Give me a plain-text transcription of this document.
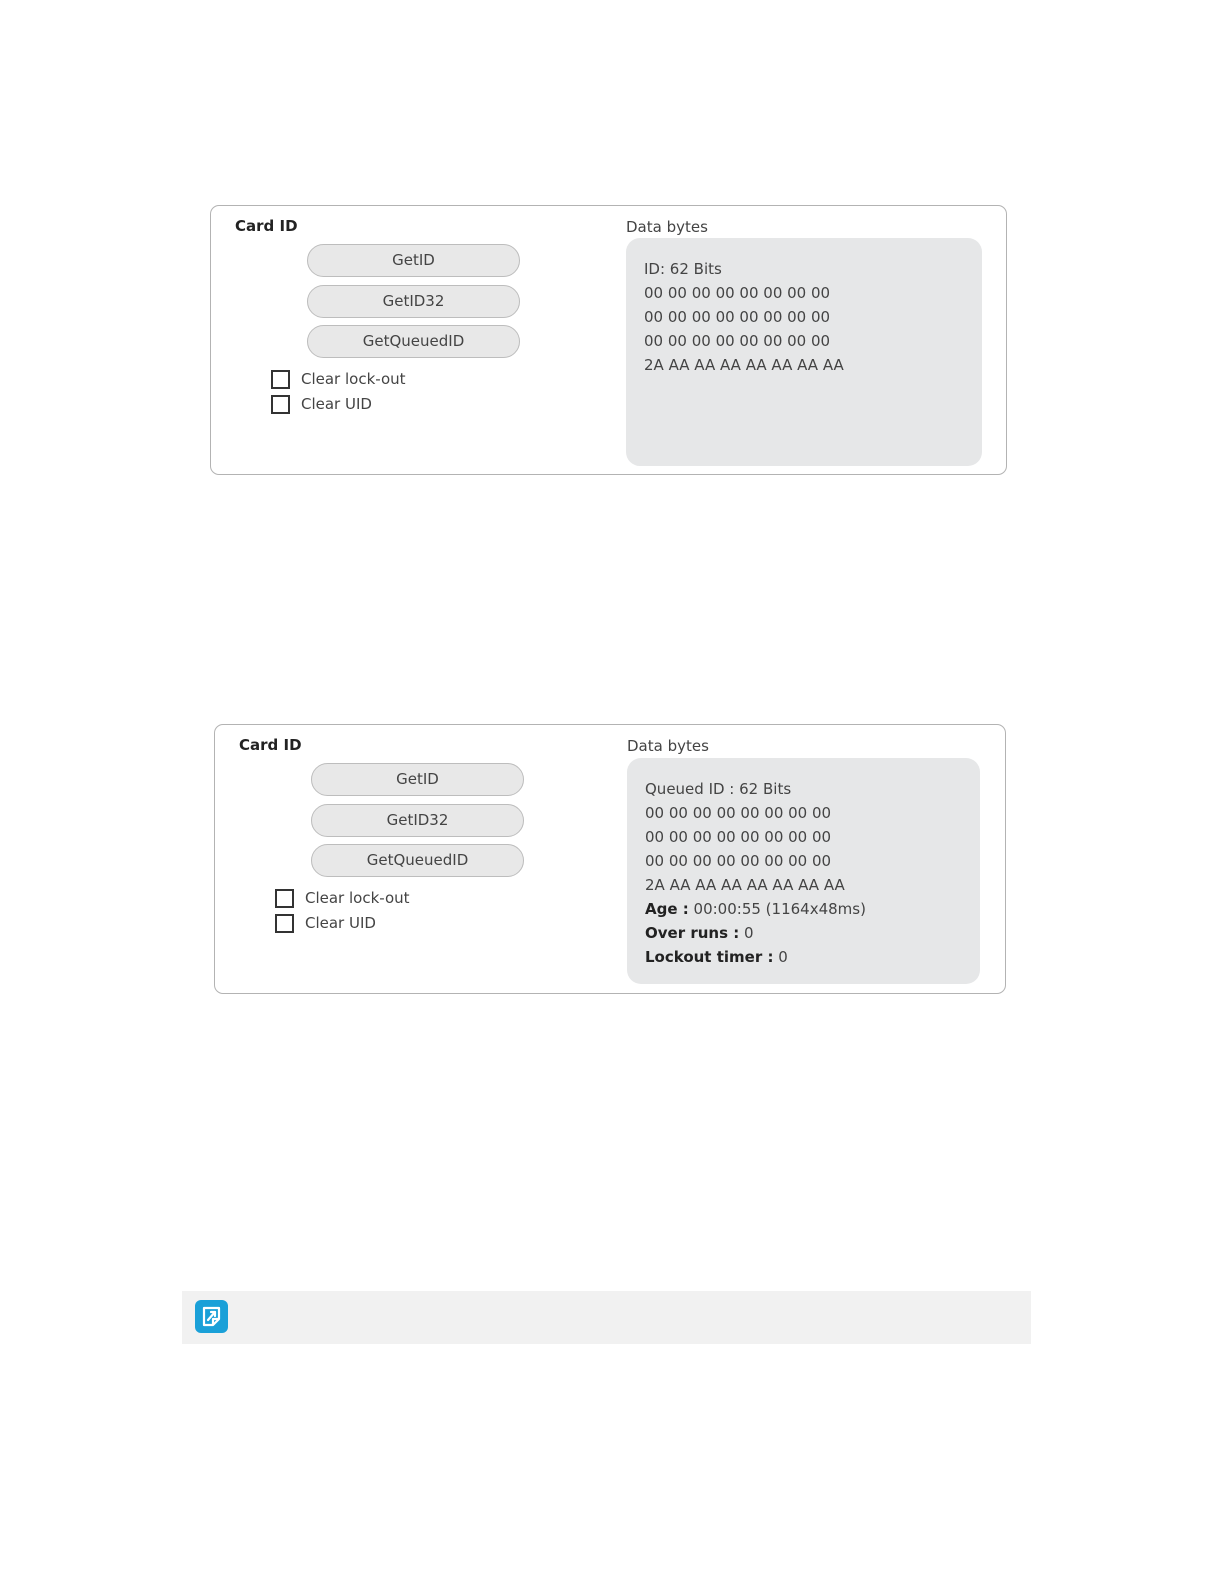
Card ID
GetID
GetID32
GetQueuedID
Clear lock-out
Clear UID
Data bytes
ID: 62 Bits
00 00 00 00 00 00 00 00
00 00 00 00 00 00 00 00
00 00 00 00 00 00 00 00
2A AA AA AA AA AA AA AA
Card ID
GetID
GetID32
GetQueuedID
Clear lock-out
Clear UID
Data bytes
Queued ID : 62 Bits
00 00 00 00 00 00 00 00
00 00 00 00 00 00 00 00
00 00 00 00 00 00 00 00
2A AA AA AA AA AA AA AA
Age : 00:00:55 (1164x48ms)
Over runs : 0
Lockout timer : 0
